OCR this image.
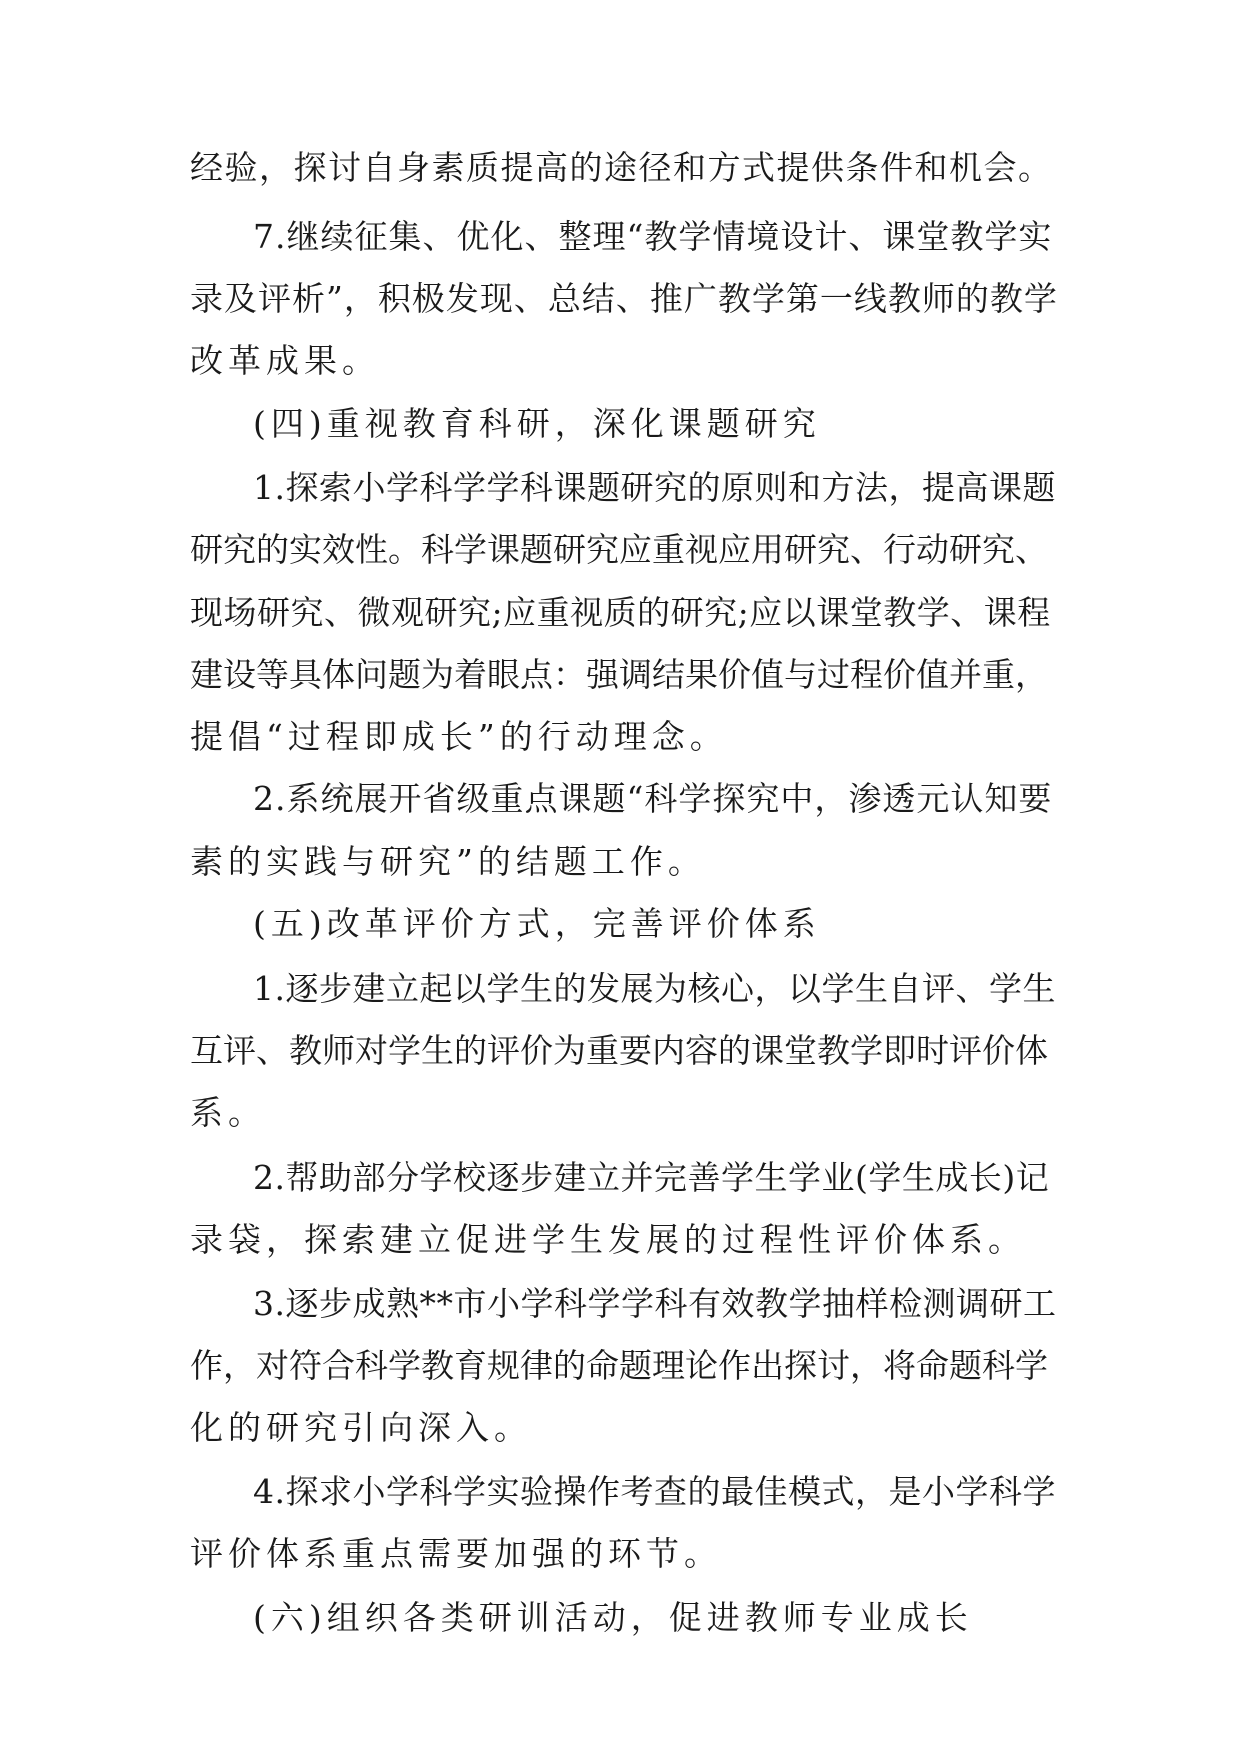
经验，探讨自身素质提高的途径和方式提供条件和机会。

7.继续征集、优化、整理“教学情境设计、课堂教学实

录及评析”，积极发现、总结、推广教学第一线教师的教学

改革成果。

(四)重视教育科研，深化课题研究

1.探索小学科学学科课题研究的原则和方法，提高课题

研究的实效性。科学课题研究应重视应用研究、行动研究、

现场研究、微观研究;应重视质的研究;应以课堂教学、课程

建设等具体问题为着眼点：强调结果价值与过程价值并重，

提倡“过程即成长”的行动理念。

2.系统展开省级重点课题“科学探究中，渗透元认知要

素的实践与研究”的结题工作。

(五)改革评价方式，完善评价体系

1.逐步建立起以学生的发展为核心，以学生自评、学生

互评、教师对学生的评价为重要内容的课堂教学即时评价体

系。

2.帮助部分学校逐步建立并完善学生学业(学生成长)记

录袋，探索建立促进学生发展的过程性评价体系。

3.逐步成熟**市小学科学学科有效教学抽样检测调研工

作，对符合科学教育规律的命题理论作出探讨，将命题科学

化的研究引向深入。

4.探求小学科学实验操作考查的最佳模式，是小学科学

评价体系重点需要加强的环节。

(六)组织各类研训活动，促进教师专业成长
